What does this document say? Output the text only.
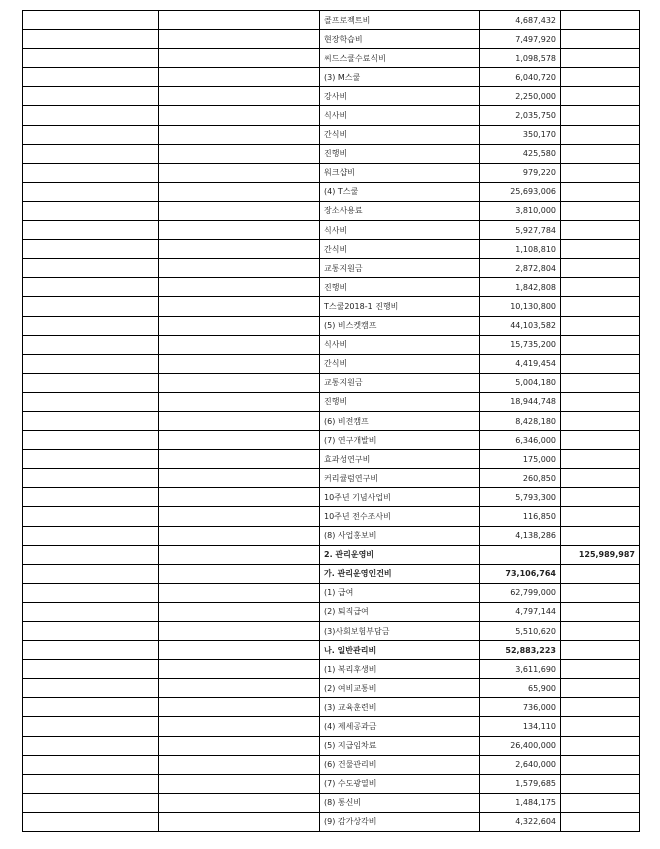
		콜프로젝트비	4,687,432	
		현장학습비	7,497,920	
		씨드스쿨수료식비	1,098,578	
		(3) M스쿨	6,040,720	
		강사비	2,250,000	
		식사비	2,035,750	
		간식비	350,170	
		진행비	425,580	
		워크샵비	979,220	
		(4) T스쿨	25,693,006	
		장소사용료	3,810,000	
		식사비	5,927,784	
		간식비	1,108,810	
		교통지원금	2,872,804	
		진행비	1,842,808	
		T스쿨2018-1 진행비	10,130,800	
		(5) 비스켓캠프	44,103,582	
		식사비	15,735,200	
		간식비	4,419,454	
		교통지원금	5,004,180	
		진행비	18,944,748	
		(6) 비전캠프	8,428,180	
		(7) 연구개발비	6,346,000	
		효과성연구비	175,000	
		커리큘럼연구비	260,850	
		10주년 기념사업비	5,793,300	
		10주년 전수조사비	116,850	
		(8) 사업홍보비	4,138,286	
		2. 관리운영비		125,989,987
		가. 관리운영인건비	73,106,764	
		(1) 급여	62,799,000	
		(2) 퇴직급여	4,797,144	
		(3)사회보험부담금	5,510,620	
		나. 일반관리비	52,883,223	
		(1) 복리후생비	3,611,690	
		(2) 여비교통비	65,900	
		(3) 교육훈련비	736,000	
		(4) 제세공과금	134,110	
		(5) 지급임차료	26,400,000	
		(6) 건물관리비	2,640,000	
		(7) 수도광열비	1,579,685	
		(8) 통신비	1,484,175	
		(9) 감가상각비	4,322,604	
